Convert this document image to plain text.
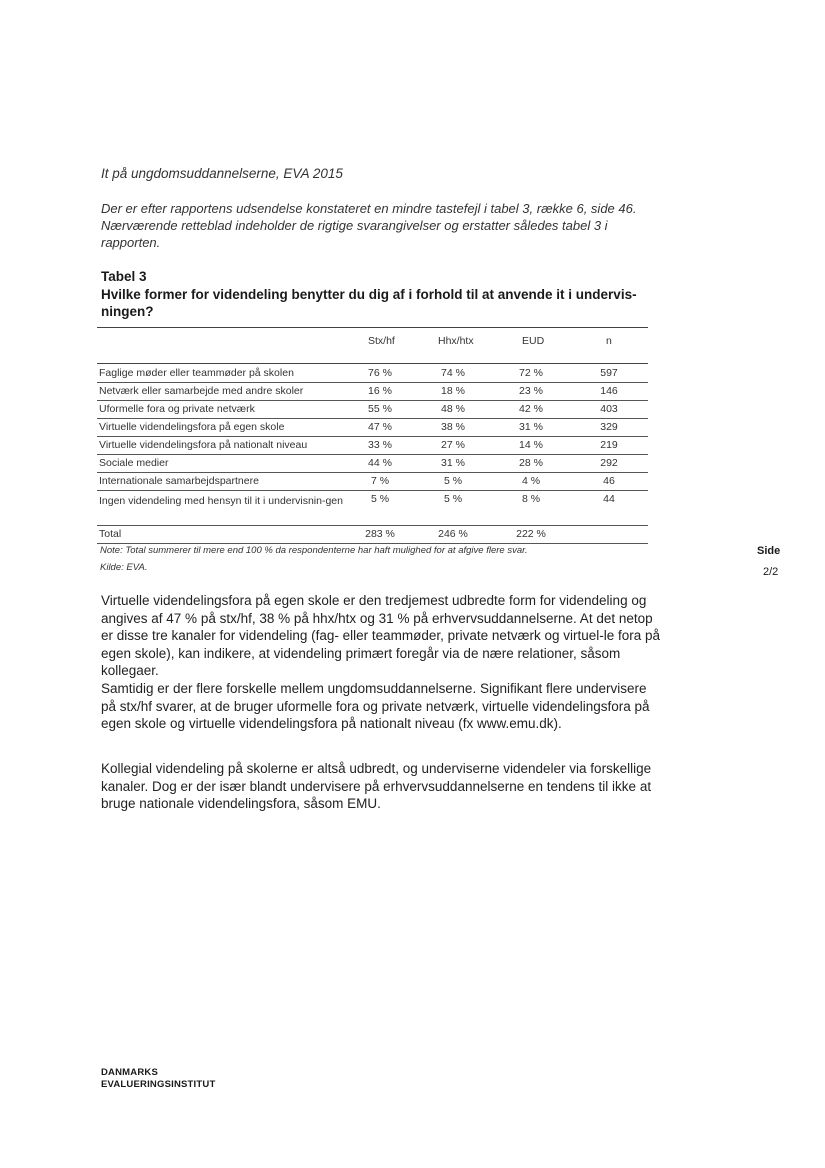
It på ungdomsuddannelserne, EVA 2015
Der er efter rapportens udsendelse konstateret en mindre tastefejl i tabel 3, række 6, side 46. Nærværende retteblad indeholder de rigtige svarangivelser og erstatter således tabel 3 i rapporten.
Tabel 3
Hvilke former for videndeling benytter du dig af i forhold til at anvende it i undervis-ningen?
Stx/hf	Hhx/htx	EUD	n
Faglige møder eller teammøder på skolen	76 %	74 %	72 %	597
Netværk eller samarbejde med andre skoler	16 %	18 %	23 %	146
Uformelle fora og private netværk	55 %	48 %	42 %	403
Virtuelle videndelingsfora på egen skole	47 %	38 %	31 %	329
Virtuelle videndelingsfora på nationalt niveau	33 %	27 %	14 %	219
Sociale medier	44 %	31 %	28 %	292
Internationale samarbejdspartnere	7 %	5 %	4 %	46
Ingen videndeling med hensyn til it i undervisnin-gen	5 %	5 %	8 %	44
Total	283 %	246 %	222 %
Note: Total summerer til mere end 100 % da respondenterne har haft mulighed for at afgive flere svar.
Kilde: EVA.
Side
2/2
Virtuelle videndelingsfora på egen skole er den tredjemest udbredte form for videndeling og angives af 47 % på stx/hf, 38 % på hhx/htx og 31 % på erhvervsuddannelserne. At det netop er disse tre kanaler for videndeling (fag- eller teammøder, private netværk og virtuel-le fora på egen skole), kan indikere, at videndeling primært foregår via de nære relationer, såsom kollegaer.
Samtidig er der flere forskelle mellem ungdomsuddannelserne. Signifikant flere undervisere på stx/hf svarer, at de bruger uformelle fora og private netværk, virtuelle videndelingsfora på egen skole og virtuelle videndelingsfora på nationalt niveau (fx www.emu.dk).
Kollegial videndeling på skolerne er altså udbredt, og underviserne videndeler via forskellige kanaler. Dog er der især blandt undervisere på erhvervsuddannelserne en tendens til ikke at bruge nationale videndelingsfora, såsom EMU.
DANMARKS
EVALUERINGSINSTITUT
